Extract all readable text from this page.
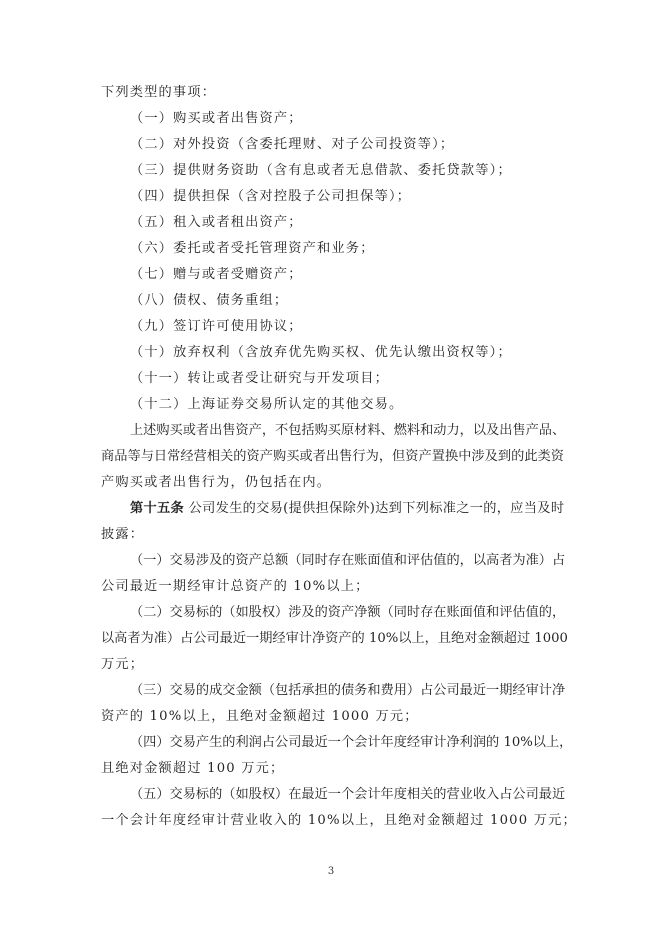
下列类型的事项：
（一）购买或者出售资产；
（二）对外投资（含委托理财、对子公司投资等）；
（三）提供财务资助（含有息或者无息借款、委托贷款等）；
（四）提供担保（含对控股子公司担保等）；
（五）租入或者租出资产；
（六）委托或者受托管理资产和业务；
（七）赠与或者受赠资产；
（八）债权、债务重组；
（九）签订许可使用协议；
（十）放弃权利（含放弃优先购买权、优先认缴出资权等）；
（十一）转让或者受让研究与开发项目；
（十二）上海证券交易所认定的其他交易。
上述购买或者出售资产，不包括购买原材料、燃料和动力，以及出售产品、
商品等与日常经营相关的资产购买或者出售行为，但资产置换中涉及到的此类资
产购买或者出售行为，仍包括在内。
第十五条 公司发生的交易(提供担保除外)达到下列标准之一的，应当及时
披露：
（一）交易涉及的资产总额（同时存在账面值和评估值的，以高者为准）占
公司最近一期经审计总资产的 10%以上；
（二）交易标的（如股权）涉及的资产净额（同时存在账面值和评估值的，
以高者为准）占公司最近一期经审计净资产的 10%以上，且绝对金额超过 1000
万元；
（三）交易的成交金额（包括承担的债务和费用）占公司最近一期经审计净
资产的 10%以上，且绝对金额超过 1000 万元；
（四）交易产生的利润占公司最近一个会计年度经审计净利润的 10%以上，
且绝对金额超过 100 万元；
（五）交易标的（如股权）在最近一个会计年度相关的营业收入占公司最近
一个会计年度经审计营业收入的 10%以上，且绝对金额超过 1000 万元；
3
